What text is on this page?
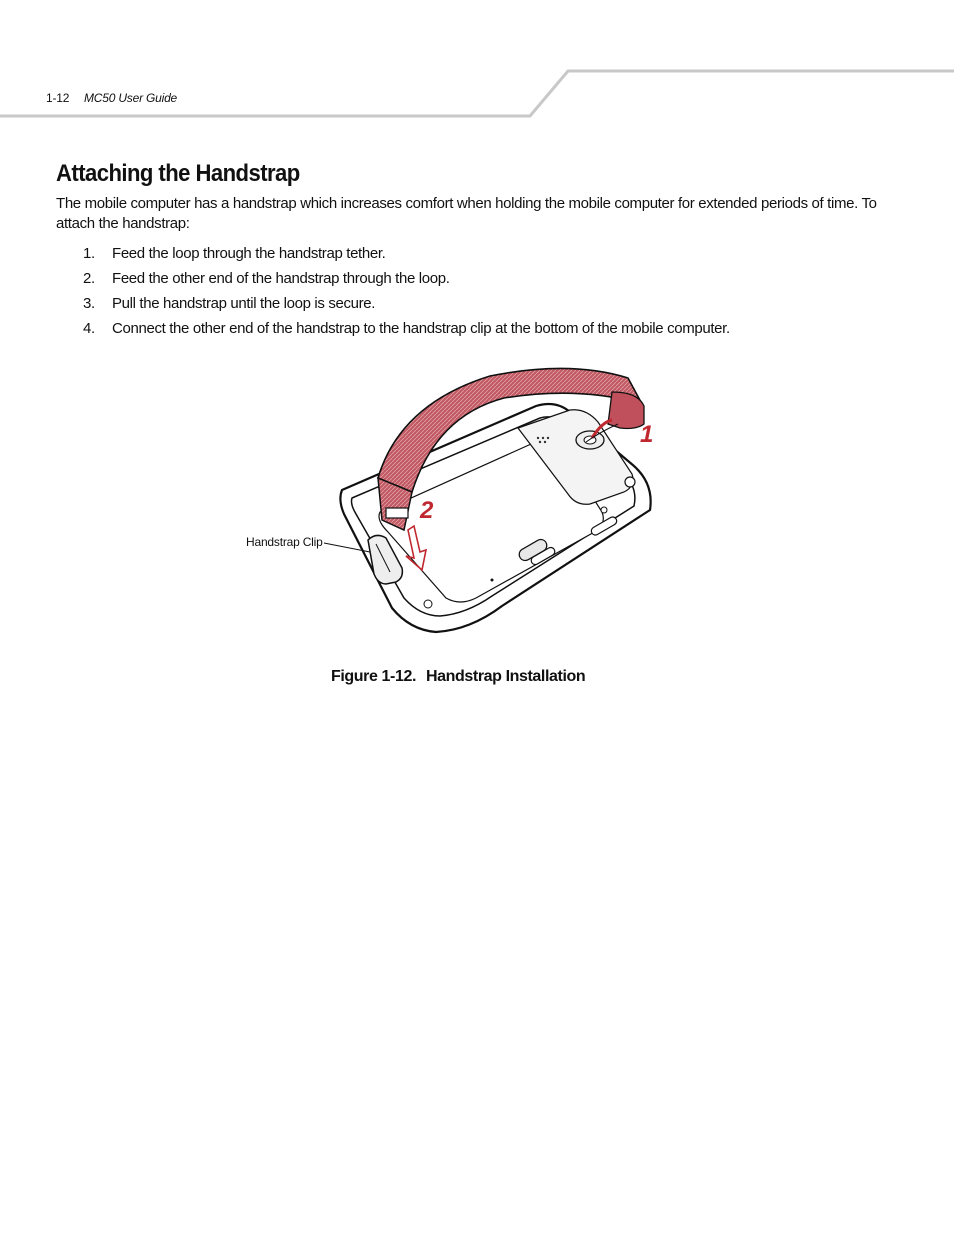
1-12 MC50 User Guide
Attaching the Handstrap

The mobile computer has a handstrap which increases comfort when holding the mobile computer for extended periods of time. To attach the handstrap:

1. Feed the loop through the handstrap tether.
2. Feed the other end of the handstrap through the loop.
3. Pull the handstrap until the loop is secure.
4. Connect the other end of the handstrap to the handstrap clip at the bottom of the mobile computer.
1
2
Handstrap Clip

Figure 1-12. Handstrap Installation
